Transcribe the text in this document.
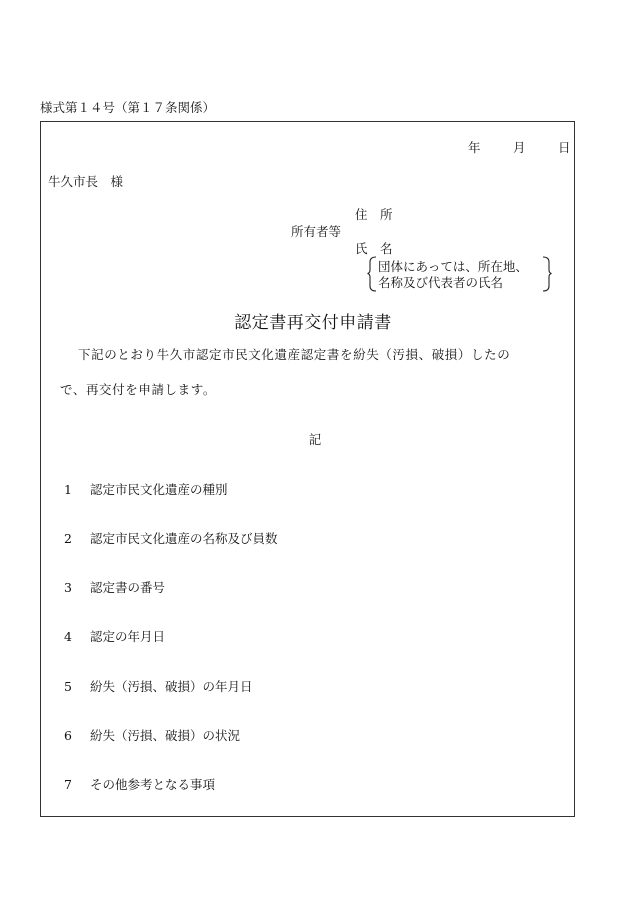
様式第１４号（第１７条関係）
年	月	日
牛久市長　様
住　所
所有者等
氏　名
団体にあっては、所在地、
名称及び代表者の氏名
認定書再交付申請書
下記のとおり牛久市認定市民文化遺産認定書を紛失（汚損、破損）したの
で、再交付を申請します。
記
1 認定市民文化遺産の種別
2 認定市民文化遺産の名称及び員数
3 認定書の番号
4 認定の年月日
5 紛失（汚損、破損）の年月日
6 紛失（汚損、破損）の状況
7 その他参考となる事項
